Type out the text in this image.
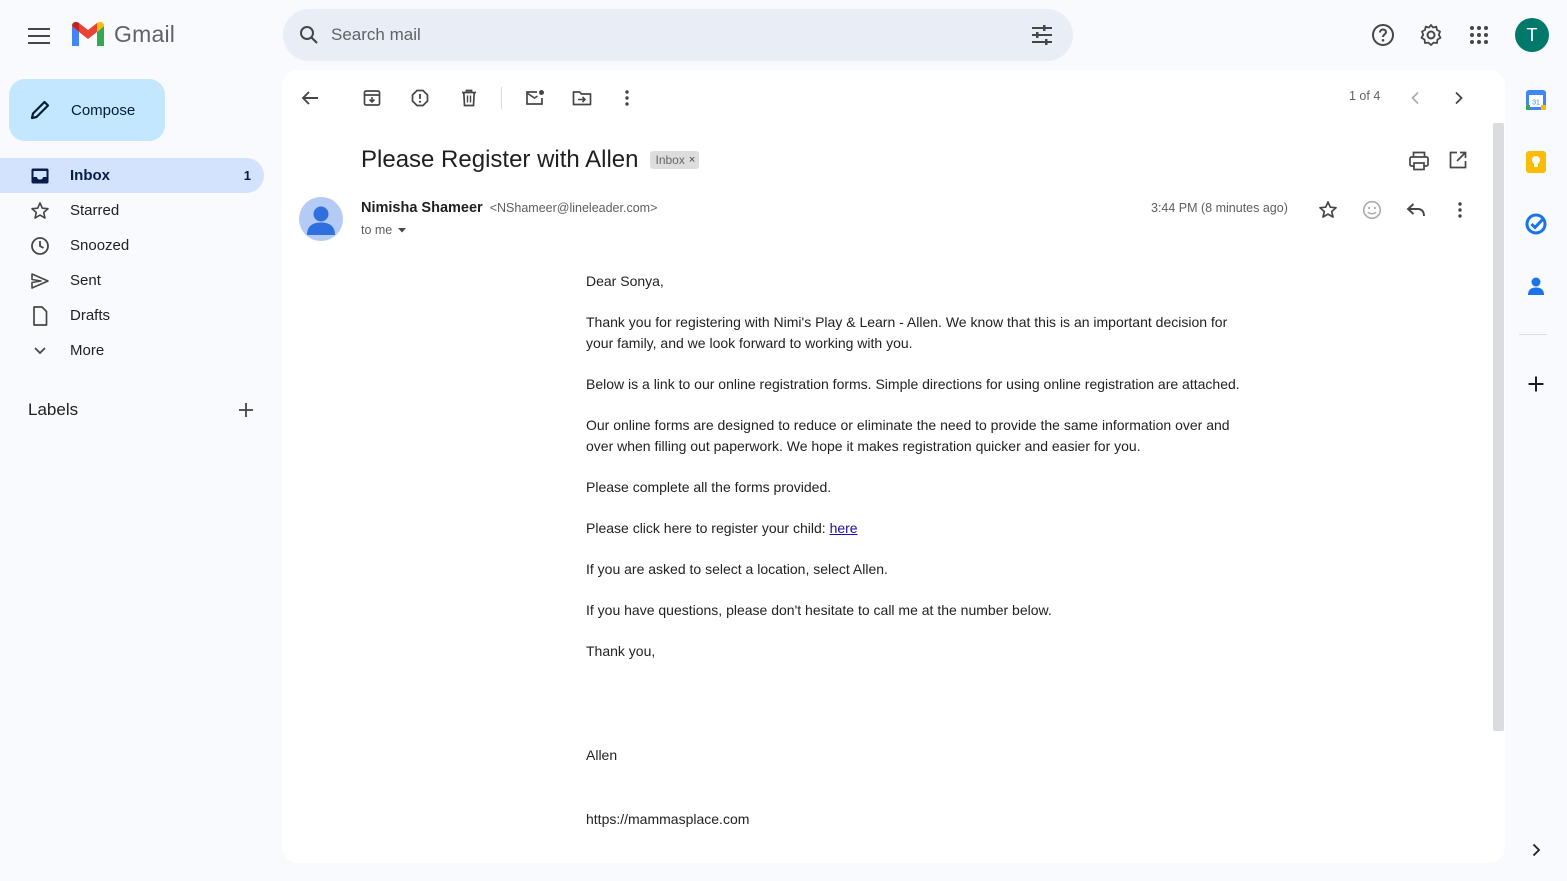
Gmail
Search mail	T
Compose
Inbox	1
Starred
Snoozed
Sent
Drafts
More
Labels
1 of 4
Please Register with Allen Inbox ×
Nimisha Shameer <NShameer@lineleader.com>
to me
3:44 PM (8 minutes ago)

Dear Sonya,

Thank you for registering with Nimi's Play & Learn - Allen. We know that this is an important decision for your family, and we look forward to working with you.

Below is a link to our online registration forms. Simple directions for using online registration are attached.

Our online forms are designed to reduce or eliminate the need to provide the same information over and over when filling out paperwork. We hope it makes registration quicker and easier for you.

Please complete all the forms provided.

Please click here to register your child: here

If you are asked to select a location, select Allen.

If you have questions, please don't hesitate to call me at the number below.

Thank you,

Allen

https://mammasplace.com

31
